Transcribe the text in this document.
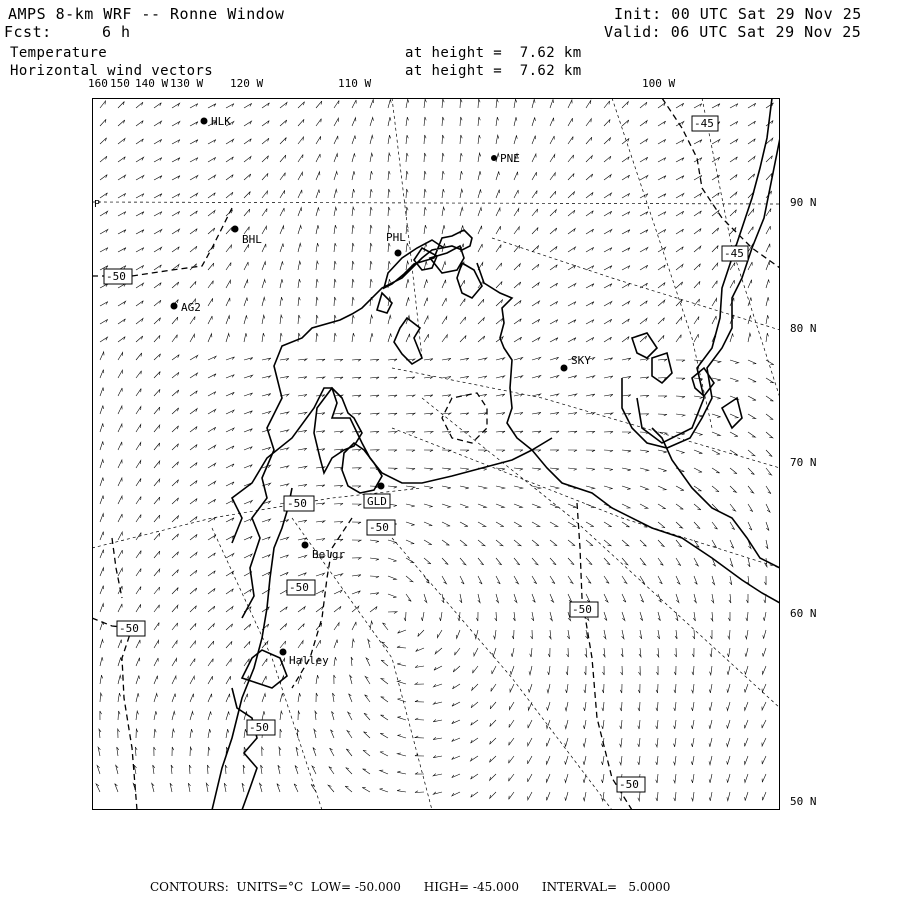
AMPS 8-km WRF -- Ronne Window
Fcst:	6 h
Init: 00 UTC Sat 29 Nov 25
Valid: 06 UTC Sat 29 Nov 25
Temperature
Horizontal wind vectors
at height =  7.62 km
at height =  7.62 km
160 150 140 W 130 W 120 W	110 W	100 W
90 N
80 N
70 N
60 N
50 N
HLK
PNE
BHL	PHL
AG2
SKY
GLD
Belgr
Halley
-45
-45
-50
-50
-50
-50
-50
-50
-50
-50
P
CONTOURS:  UNITS=°C  LOW= -50.000      HIGH= -45.000      INTERVAL=   5.0000
